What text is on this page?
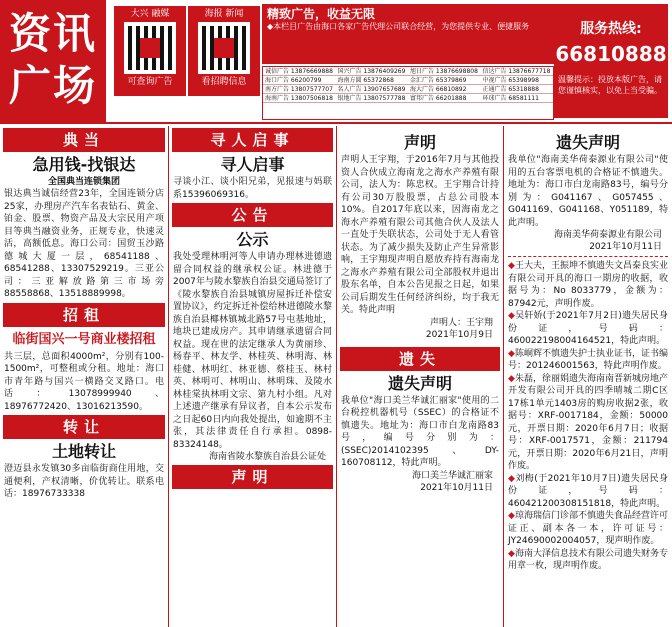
资讯
广场
大兴 融媒
可查询广告
海报 新闻
看招聘信息
精致广告，收益无限
◆本栏目广告由海口各家广告代理公司联合经营，为您提供专业、便捷服务
诚信广告 13876669888 国兴广告 13876409269 旭日广告 13876698808 信达广告 13876677718
海口广告 66200799	海南方圆 65372868	金汇广告 65379869	中视广告 65398998
南方广告 13807577707 名人广告 13907657689 海大广告 66810892	正通广告 65318888
海南广告 13807506818 银地广告 13807577788 富邦广告 66201888	环球广告 68581111
服务热线:
66810888
温馨提示：投放本版广告，请您谨慎核实，以免上当受骗。
典当
急用钱-找银达
全国典当连锁集团
银达典当诚信经营23年，全国连锁分店25家，办理房产汽车名表钻石、黄金、铂金、股票、物资产品及大宗民用产项目等典当融资业务，正规专业，快速灵活，高额低息。海口公司：国贸玉沙路德城大厦一层，68541188、68541288、13307529219。三亚公司：三亚解放路第三市场旁88558868、13518889998。
招租
临街国兴一号商业楼招租
共三层，总面积4000m²，分别有100-1500m²，可整租或分租。地址：海口市青年路与国兴一横路交叉路口。电话：13078999940、18976772420、13016213590。
转让
土地转让
澄迈县永发镇30多亩临街商住用地，交通便利，产权清晰，价优转让。联系电话：18976733338
寻人启事
寻人启事
寻谈小江、谈小阳兄弟，见报速与妈联系15396069316。
公告
公示
我处受理林明河等人申请办理林进德遗留合同权益的继承权公证。林进德于2007年与陵水黎族自治县交通局签订了《陵水黎族自治县城镇房屋拆迁补偿安置协议》，约定拆迁补偿给林进德陵水黎族自治县椰林镇城北路57号屯基地址，地块已建成房产。其申请继承遗留合同权益。现在世的法定继承人为黄丽珍、杨春平、林友学、林桂英、林明海、林桂健、林明红、林亚德、蔡桂玉、林村英、林明可、林明山、林明珠、及陵水林桂棠执林明文宗、第九村小组。凡对上述遗产继承有异议者，自本公示发布之日起60日内向我处提出，如逾期不主张，其法律责任自行承担。0898-83324148。
海南省陵水黎族自治县公证处
声明
声明
声明人王宇翔，于2016年7月与其他投资人合伙成立海南龙之海水产养殖有限公司，法人为：陈忠权。王宇翔合计持有公司30万股股票，占总公司股本10%。自2017年底以来，因海南龙之海水产养殖有限公司其他合伙人及法人一直处于失联状态，公司处于无人看管状态。为了减少损失及防止产生异常影响，王宇翔现声明自愿放弃持有海南龙之海水产养殖有限公司全部股权并退出股东名单，自本公告见报之日起，如果公司后期发生任何经济纠纷，均于我无关。特此声明
声明人：王宇翔
2021年10月9日
遗失
遗失声明
我单位"海口美兰华诚汇丽家"使用的二台税控机器机号（SSEC）的合格证不慎遗失。地址为：海口市白龙南路83号，编号分别为：(SSEC)2014102395、DY-160708112，特此声明。
海口美兰华诚汇丽家
2021年10月11日
遗失声明
我单位"海南美华荷泰源业有限公司"使用的五台客票电机的合格证不慎遗失。地址为：海口市白龙南路83号，编号分别为：G041167、G057455、G041169、G041168、Y051189，特此声明。
海南美华荷泰源业有限公司
2021年10月11日
◆王大夫，王振坤不慎遗失文昌泰良实业有限公司开具的海口一期房的收据，收据号为：No 8033779，金额为：87942元，声明作废。
◆吴轩娇(于2021年7月2日)遗失居民身份证，号码：460022198004164521，特此声明。
◆陈峒辉不慎遗失护士执业证书，证书编号：201246001563，特此声明作废。
◆朱磊，徐丽娟遗失海南南晋新城房地产开发有限公司开具的四季晴城二期C区17栋1单元1403房的购房收据2张，收据号：XRF-0017184，金额：50000元，开票日期：2020年6月7日；收据号：XRF-0017571，金额：211794元，开票日期：2020年6月21日，声明作废。
◆刘梅(于2021年10月7日)遗失居民身份证，号码：460421200308151818，特此声明。
◆琼海瑞信门诊部不慎遗失食品经营许可证正、副本各一本，许可证号：JY24690002004057，现声明作废。
◆海南大泽信息技术有限公司遗失财务专用章一枚，现声明作废。
